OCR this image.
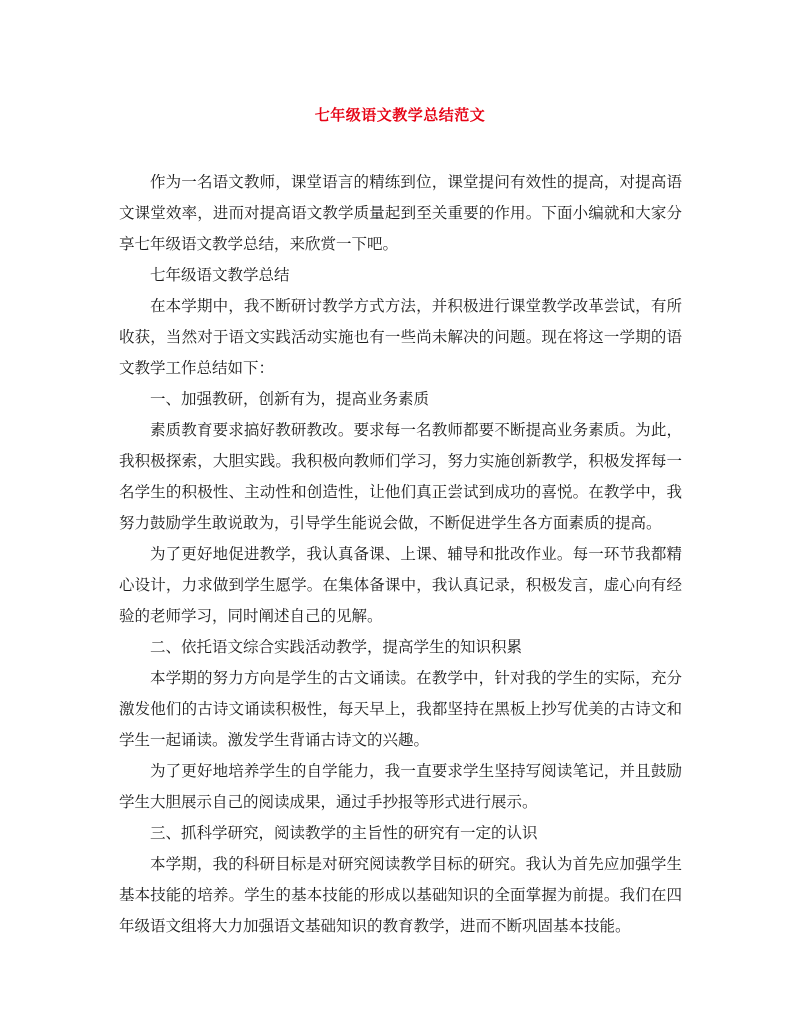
七年级语文教学总结范文

作为一名语文教师，课堂语言的精练到位，课堂提问有效性的提高，对提高语文课堂效率，进而对提高语文教学质量起到至关重要的作用。下面小编就和大家分享七年级语文教学总结，来欣赏一下吧。

七年级语文教学总结

在本学期中，我不断研讨教学方式方法，并积极进行课堂教学改革尝试，有所收获，当然对于语文实践活动实施也有一些尚未解决的问题。现在将这一学期的语文教学工作总结如下：

一、加强教研，创新有为，提高业务素质

素质教育要求搞好教研教改。要求每一名教师都要不断提高业务素质。为此，我积极探索，大胆实践。我积极向教师们学习，努力实施创新教学，积极发挥每一名学生的积极性、主动性和创造性，让他们真正尝试到成功的喜悦。在教学中，我努力鼓励学生敢说敢为，引导学生能说会做，不断促进学生各方面素质的提高。

为了更好地促进教学，我认真备课、上课、辅导和批改作业。每一环节我都精心设计，力求做到学生愿学。在集体备课中，我认真记录，积极发言，虚心向有经验的老师学习，同时阐述自己的见解。

二、依托语文综合实践活动教学，提高学生的知识积累

本学期的努力方向是学生的古文诵读。在教学中，针对我的学生的实际，充分激发他们的古诗文诵读积极性，每天早上，我都坚持在黑板上抄写优美的古诗文和学生一起诵读。激发学生背诵古诗文的兴趣。

为了更好地培养学生的自学能力，我一直要求学生坚持写阅读笔记，并且鼓励学生大胆展示自己的阅读成果，通过手抄报等形式进行展示。

三、抓科学研究，阅读教学的主旨性的研究有一定的认识

本学期，我的科研目标是对研究阅读教学目标的研究。我认为首先应加强学生基本技能的培养。学生的基本技能的形成以基础知识的全面掌握为前提。我们在四年级语文组将大力加强语文基础知识的教育教学，进而不断巩固基本技能。
